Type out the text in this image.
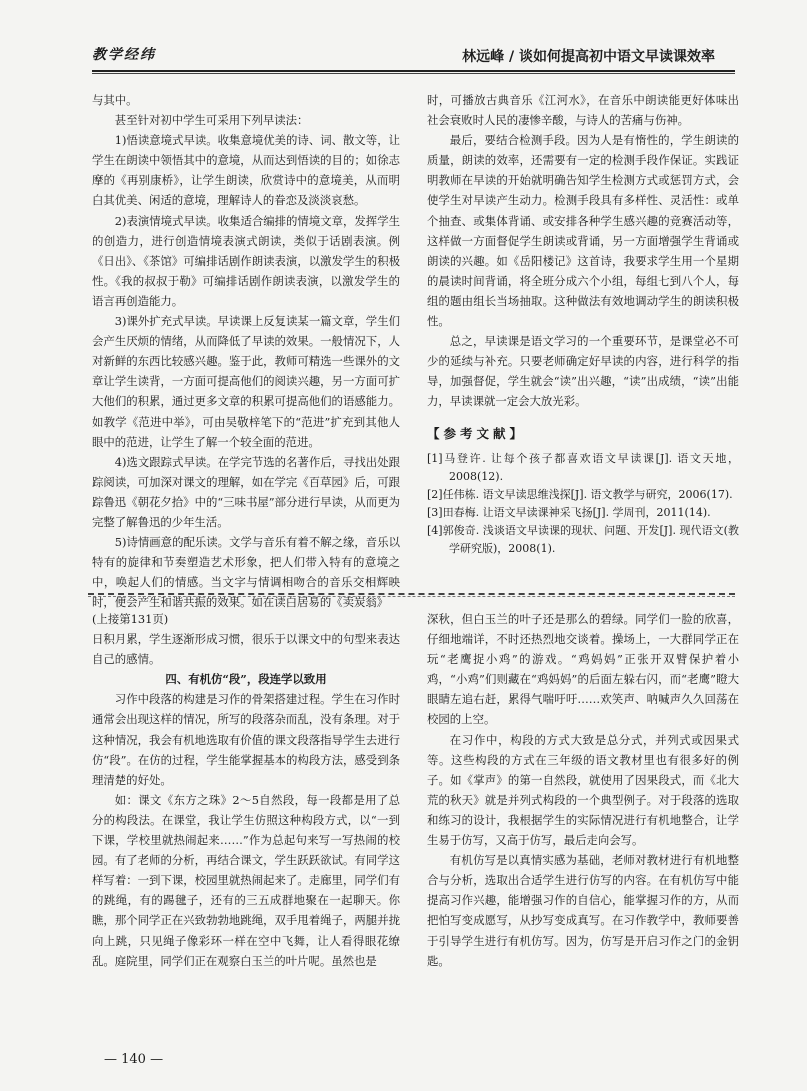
教学经纬	林远峰 / 谈如何提高初中语文早读课效率

与其中。

甚至针对初中学生可采用下列早读法：

1)悟读意境式早读。收集意境优美的诗、词、散文等，让学生在朗读中领悟其中的意境，从而达到悟读的目的；如徐志摩的《再别康桥》，让学生朗读，欣赏诗中的意境美，从而明白其优美、闲适的意境，理解诗人的眷恋及淡淡哀愁。

2)表演情境式早读。收集适合编排的情境文章，发挥学生的创造力，进行创造情境表演式朗读，类似于话剧表演。例《日出》、《茶馆》可编排话剧作朗读表演，以激发学生的积极性。《我的叔叔于勒》可编排话剧作朗读表演，以激发学生的语言再创造能力。

3)课外扩充式早读。早读课上反复读某一篇文章，学生们会产生厌烦的情绪，从而降低了早读的效果。一般情况下，人对新鲜的东西比较感兴趣。鉴于此，教师可精选一些课外的文章让学生读背，一方面可提高他们的阅读兴趣，另一方面可扩大他们的积累，通过更多文章的积累可提高他们的语感能力。如教学《范进中举》，可由吴敬梓笔下的“范进”扩充到其他人眼中的范进，让学生了解一个较全面的范进。

4)选文跟踪式早读。在学完节选的名著作后，寻找出处跟踪阅读，可加深对课文的理解，如在学完《百草园》后，可跟踪鲁迅《朝花夕拾》中的“三味书屋”部分进行早读，从而更为完整了解鲁迅的少年生活。

5)诗情画意的配乐读。文学与音乐有着不解之缘，音乐以特有的旋律和节奏塑造艺术形象，把人们带入特有的意境之中，唤起人们的情感。当文字与情调相吻合的音乐交相辉映时，便会产生和谐共振的效果。如在读白居易的《卖炭翁》

时，可播放古典音乐《江河水》，在音乐中朗读能更好体味出社会衰败时人民的凄惨辛酸，与诗人的苦痛与伤神。

最后，要结合检测手段。因为人是有惰性的，学生朗读的质量，朗读的效率，还需要有一定的检测手段作保证。实践证明教师在早读的开始就明确告知学生检测方式或惩罚方式，会使学生对早读产生动力。检测手段具有多样性、灵活性：或单个抽查、或集体背诵、或安排各种学生感兴趣的竞赛活动等，这样做一方面督促学生朗读或背诵，另一方面增强学生背诵或朗读的兴趣。如《岳阳楼记》这首诗，我要求学生用一个星期的晨读时间背诵，将全班分成六个小组，每组七到八个人，每组的题由组长当场抽取。这种做法有效地调动学生的朗读积极性。

总之，早读课是语文学习的一个重要环节，是课堂必不可少的延续与补充。只要老师确定好早读的内容，进行科学的指导，加强督促，学生就会“读”出兴趣，“读”出成绩，“读”出能力，早读课就一定会大放光彩。

【参考文献】
[1]马登许. 让每个孩子都喜欢语文早读课[J]. 语文天地，2008(12).
[2]任伟栋. 语文早读思维浅探[J]. 语文教学与研究，2006(17).
[3]田春梅. 让语文早读课神采飞扬[J]. 学周刊，2011(14).
[4]郭俊奇. 浅谈语文早读课的现状、问题、开发[J]. 现代语文(教学研究版)，2008(1).

(上接第131页)

日积月累，学生逐渐形成习惯，很乐于以课文中的句型来表达自己的感情。

四、有机仿“段”，段连学以致用

习作中段落的构建是习作的骨架搭建过程。学生在习作时通常会出现这样的情况，所写的段落杂而乱，没有条理。对于这种情况，我会有机地选取有价值的课文段落指导学生去进行仿“段”。在仿的过程，学生能掌握基本的构段方法，感受到条理清楚的好处。

如：课文《东方之珠》2～5自然段，每一段都是用了总分的构段法。在课堂，我让学生仿照这种构段方式，以“一到下课，学校里就热闹起来……”作为总起句来写一写热闹的校园。有了老师的分析，再结合课文，学生跃跃欲试。有同学这样写着：一到下课，校园里就热闹起来了。走廊里，同学们有的跳绳，有的踢毽子，还有的三五成群地聚在一起聊天。你瞧，那个同学正在兴致勃勃地跳绳，双手甩着绳子，两腿并拢向上跳，只见绳子像彩环一样在空中飞舞，让人看得眼花缭乱。庭院里，同学们正在观察白玉兰的叶片呢。虽然也是

深秋，但白玉兰的叶子还是那么的碧绿。同学们一脸的欣喜，仔细地端详，不时还热烈地交谈着。操场上，一大群同学正在玩“老鹰捉小鸡”的游戏。“鸡妈妈”正张开双臂保护着小鸡，“小鸡”们则藏在“鸡妈妈”的后面左躲右闪，而“老鹰”瞪大眼睛左追右赶，累得气喘吁吁……欢笑声、呐喊声久久回荡在校园的上空。

在习作中，构段的方式大致是总分式，并列式或因果式等。这些构段的方式在三年级的语文教材里也有很多好的例子。如《掌声》的第一自然段，就使用了因果段式，而《北大荒的秋天》就是并列式构段的一个典型例子。对于段落的选取和练习的设计，我根据学生的实际情况进行有机地整合，让学生易于仿写，又高于仿写，最后走向会写。

有机仿写是以真情实感为基础，老师对教材进行有机地整合与分析，选取出合适学生进行仿写的内容。在有机仿写中能提高习作兴趣，能增强习作的自信心，能掌握习作的方，从而把怕写变成愿写，从抄写变成真写。在习作教学中，教师要善于引导学生进行有机仿写。因为，仿写是开启习作之门的金钥匙。

— 140 —
